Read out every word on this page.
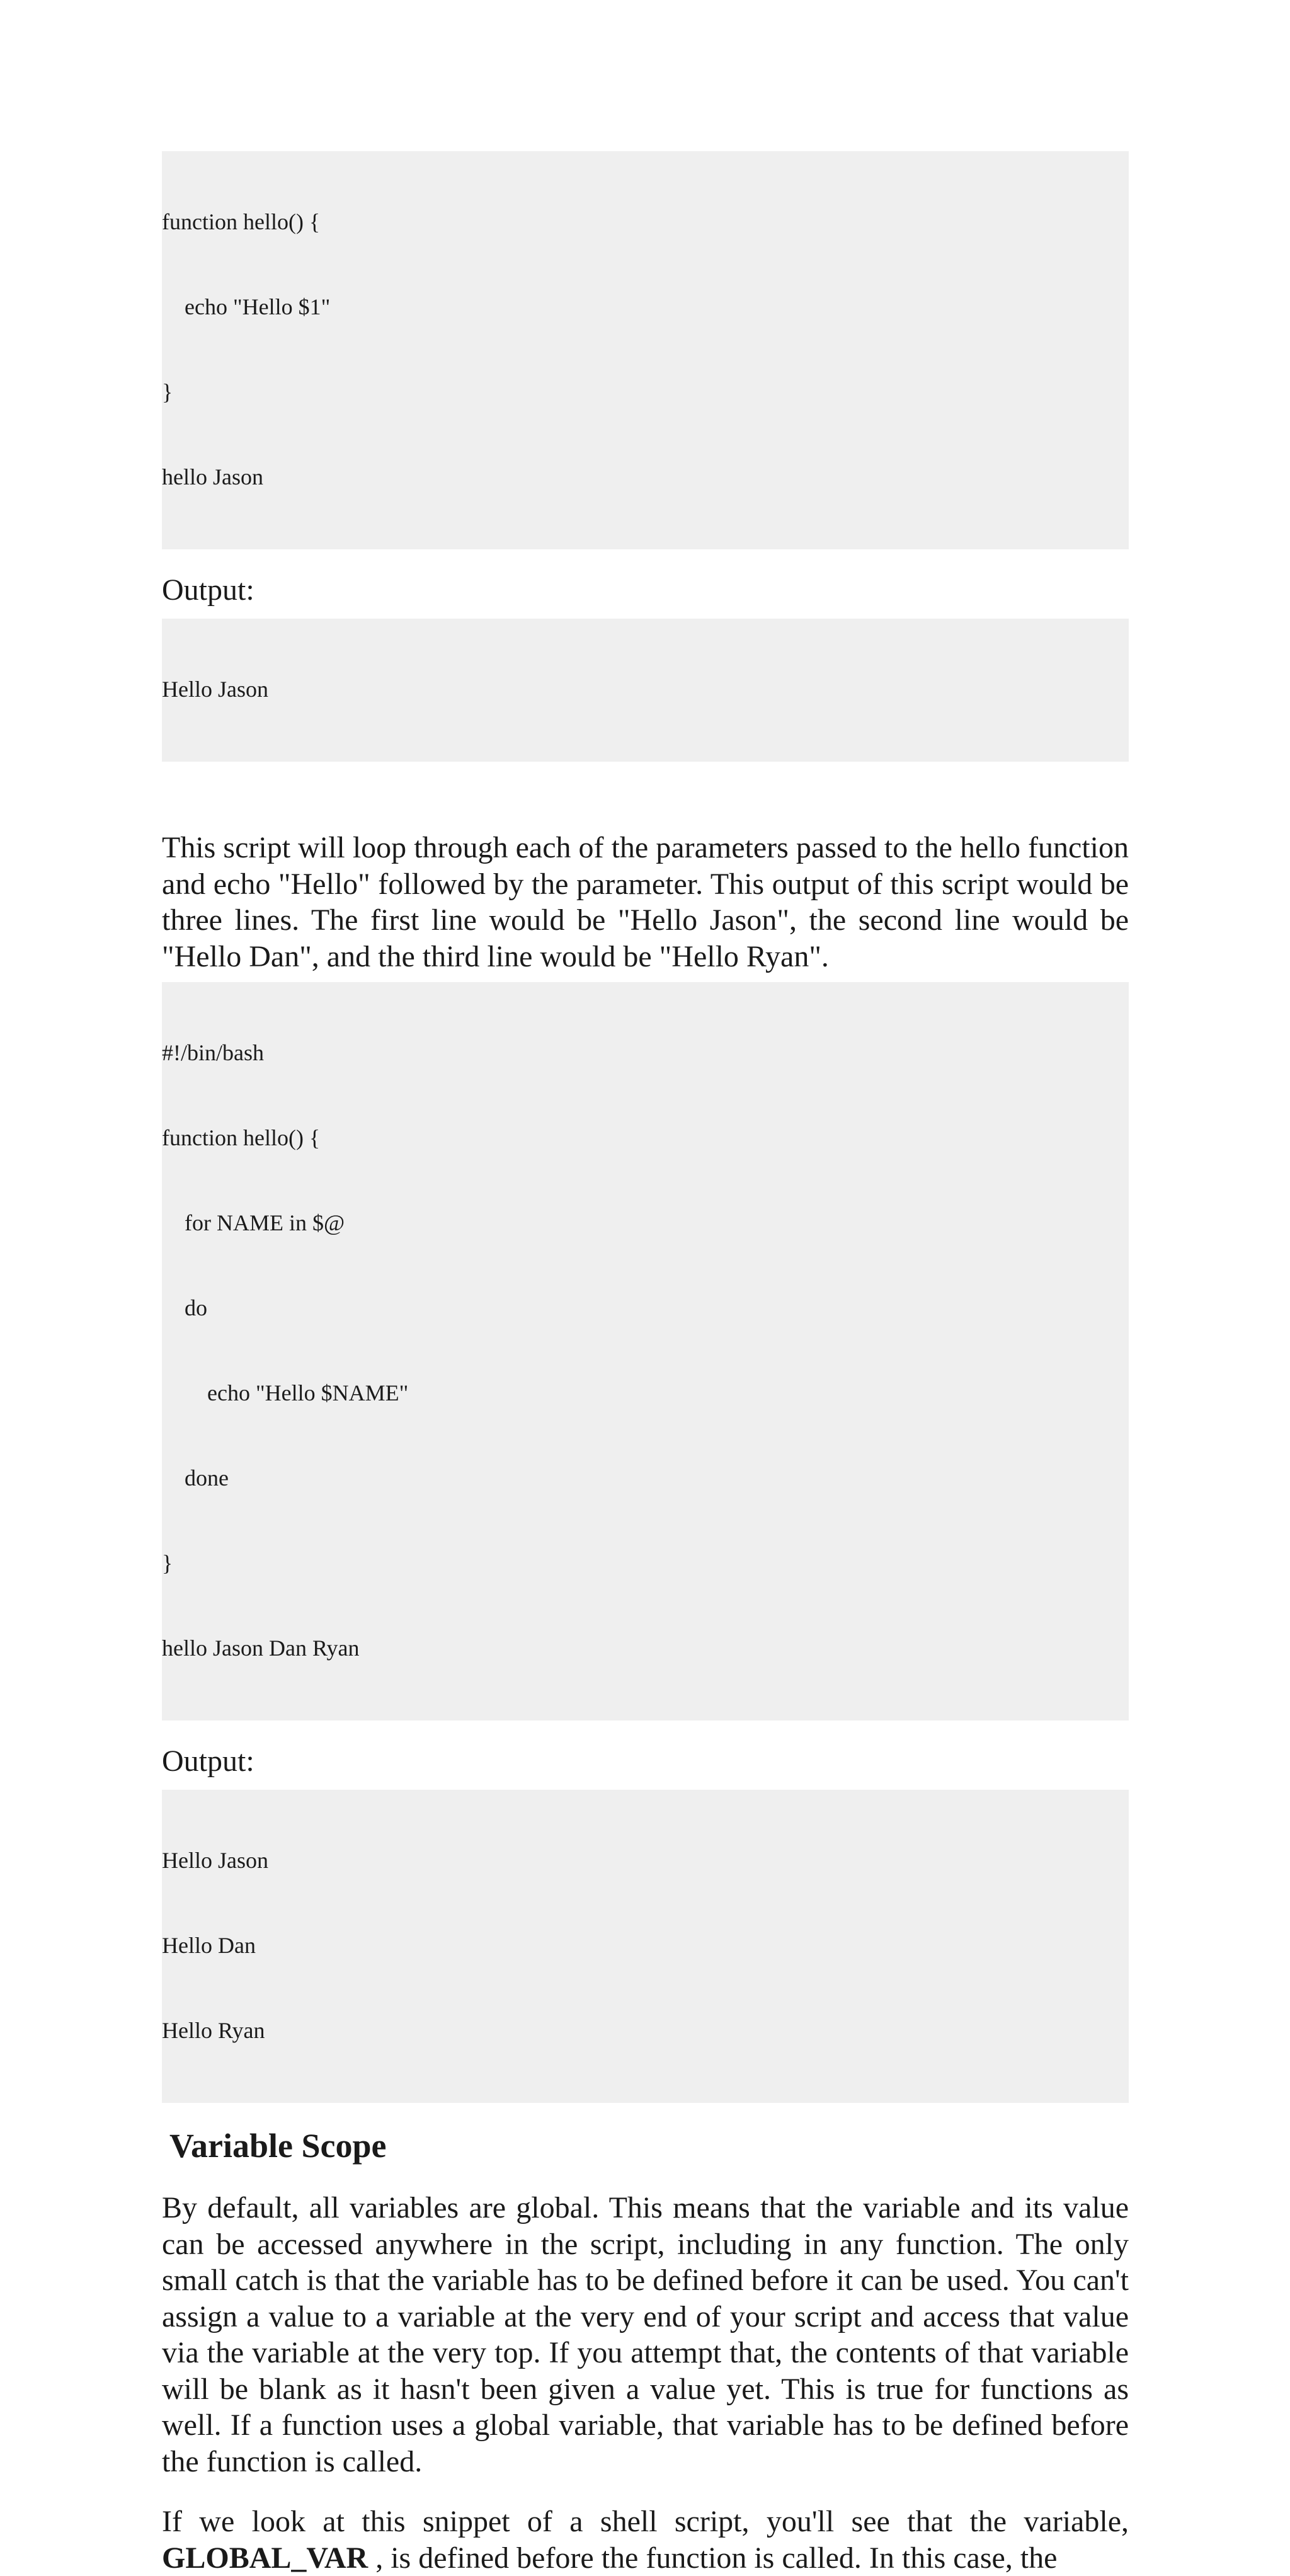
function hello() {

echo "Hello $1"

}

hello Jason

Output:

Hello Jason

This script will loop through each of the parameters passed to the hello function and echo "Hello" followed by the parameter. This output of this script would be three lines. The first line would be "Hello Jason", the second line would be "Hello Dan", and the third line would be "Hello Ryan".

#!/bin/bash

function hello() {

for NAME in $@

do

echo "Hello $NAME"

done

}

hello Jason Dan Ryan

Output:

Hello Jason

Hello Dan

Hello Ryan

Variable Scope

By default, all variables are global. This means that the variable and its value can be accessed anywhere in the script, including in any function. The only small catch is that the variable has to be defined before it can be used. You can't assign a value to a variable at the very end of your script and access that value via the variable at the very top. If you attempt that, the contents of that variable will be blank as it hasn't been given a value yet. This is true for functions as well. If a function uses a global variable, that variable has to be defined before the function is called.

If we look at this snippet of a shell script, you'll see that the variable, GLOBAL_VAR , is defined before the function is called. In this case, the
